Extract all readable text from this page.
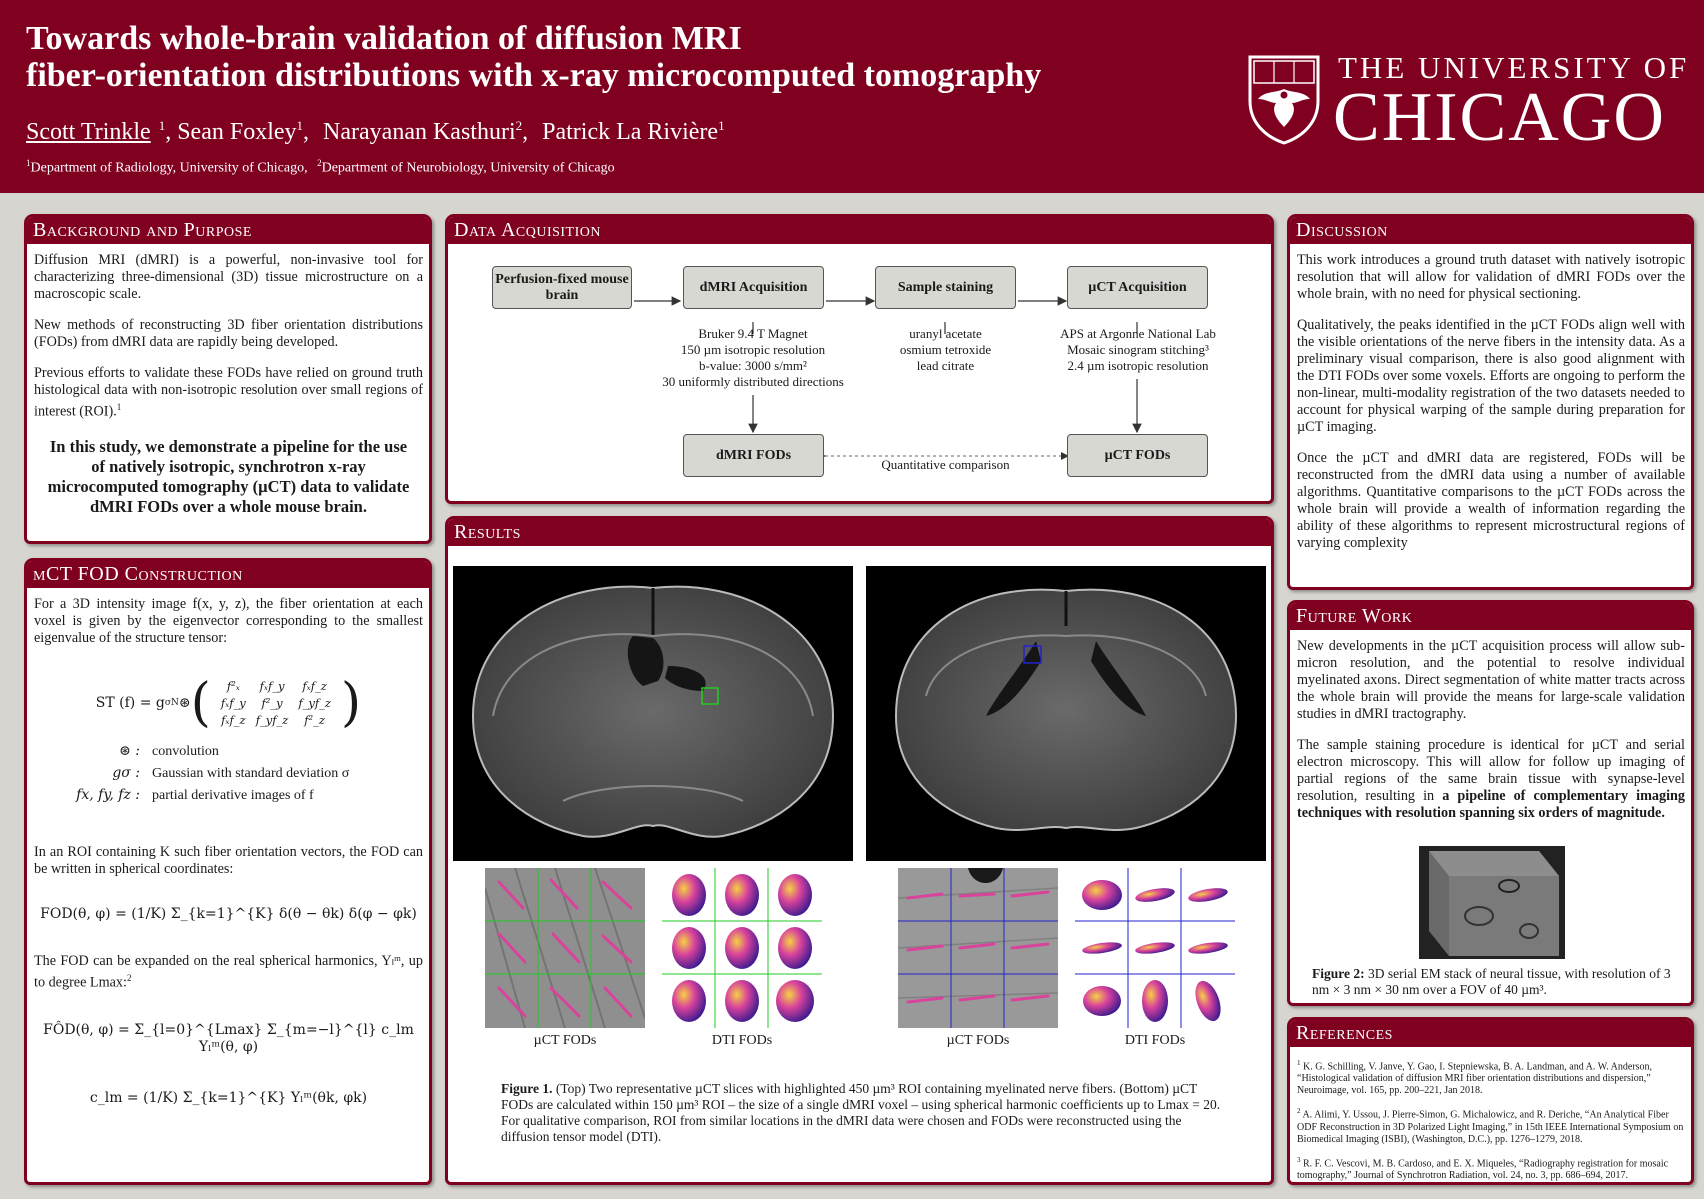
Towards whole-brain validation of diffusion MRI
fiber-orientation distributions with x-ray microcomputed tomography
Scott Trinkle $^1$, Sean Foxley$^1$, Narayanan Kasthuri$^2$, Patrick La Rivière$^1$
$^1$Department of Radiology, University of Chicago, $^2$Department of Neurobiology, University of Chicago
THE UNIVERSITY OF
CHICAGO
Background and Purpose

Diffusion MRI (dMRI) is a powerful, non-invasive tool for characterizing three-dimensional (3D) tissue microstructure on a macroscopic scale.

New methods of reconstructing 3D fiber orientation distributions (FODs) from dMRI data are rapidly being developed.

Previous efforts to validate these FODs have relied on ground truth histological data with non-isotropic resolution over small regions of interest (ROI).$^1$

In this study, we demonstrate a pipeline for the use of natively isotropic, synchrotron x-ray microcomputed tomography (µCT) data to validate dMRI FODs over a whole mouse brain.
µCT FOD Construction

For a 3D intensity image f(x, y, z), the fiber orientation at each voxel is given by the eigenvector corresponding to the smallest eigenvalue of the structure tensor:

ST (f) = g σN ⊛ ( f²ₓ	fₓf_y	fₓf_z
fₓf_y	f²_y	f_yf_z
fₓf_z	f_yf_z	f²_z )
⊛ : convolution
gσ : Gaussian with standard deviation σ
fx, fy, fz : partial derivative images of f

In an ROI containing K such fiber orientation vectors, the FOD can be written in spherical coordinates:

FOD(θ, φ) = (1/K) Σ_{k=1}^{K} δ(θ − θk) δ(φ − φk)

The FOD can be expanded on the real spherical harmonics, Yₗᵐ, up to degree Lmax:$^2$

FÔD(θ, φ) = Σ_{l=0}^{Lmax} Σ_{m=−l}^{l} c_lm Yₗᵐ(θ, φ)
c_lm = (1/K) Σ_{k=1}^{K} Yₗᵐ(θk, φk)
Data Acquisition
Perfusion-fixed mouse brain
dMRI Acquisition	Sample staining	µCT Acquisition
dMRI FODs	µCT FODs
Bruker 9.4 T Magnet
150 µm isotropic resolution
b-value: 3000 s/mm²
30 uniformly distributed directions
uranyl acetate
osmium tetroxide
lead citrate
APS at Argonne National Lab
Mosaic sinogram stitching³
2.4 µm isotropic resolution
Quantitative comparison
Results
µCT FODs	DTI FODs	µCT FODs	DTI FODs
Figure 1. (Top) Two representative µCT slices with highlighted 450 µm³ ROI containing myelinated nerve fibers. (Bottom) µCT FODs are calculated within 150 µm³ ROI – the size of a single dMRI voxel – using spherical harmonic coefficients up to Lmax = 20. For qualitative comparison, ROI from similar locations in the dMRI data were chosen and FODs were reconstructed using the diffusion tensor model (DTI).
Discussion

This work introduces a ground truth dataset with natively isotropic resolution that will allow for validation of dMRI FODs over the whole brain, with no need for physical sectioning.

Qualitatively, the peaks identified in the µCT FODs align well with the visible orientations of the nerve fibers in the intensity data. As a preliminary visual comparison, there is also good alignment with the DTI FODs over some voxels. Efforts are ongoing to perform the non-linear, multi-modality registration of the two datasets needed to account for physical warping of the sample during preparation for µCT imaging.

Once the µCT and dMRI data are registered, FODs will be reconstructed from the dMRI data using a number of available algorithms. Quantitative comparisons to the µCT FODs across the whole brain will provide a wealth of information regarding the ability of these algorithms to represent microstructural regions of varying complexity

Future Work

New developments in the µCT acquisition process will allow sub-micron resolution, and the potential to resolve individual myelinated axons. Direct segmentation of white matter tracts across the whole brain will provide the means for large-scale validation studies in dMRI tractography.

The sample staining procedure is identical for µCT and serial electron microscopy. This will allow for follow up imaging of partial regions of the same brain tissue with synapse-level resolution, resulting in a pipeline of complementary imaging techniques with resolution spanning six orders of magnitude.

Figure 2: 3D serial EM stack of neural tissue, with resolution of 3 nm × 3 nm × 30 nm over a FOV of 40 µm³.
References
$^1$ K. G. Schilling, V. Janve, Y. Gao, I. Stepniewska, B. A. Landman, and A. W. Anderson, “Histological validation of diffusion MRI fiber orientation distributions and dispersion,” Neuroimage, vol. 165, pp. 200–221, Jan 2018.
$^2$ A. Alimi, Y. Ussou, J. Pierre-Simon, G. Michalowicz, and R. Deriche, “An Analytical Fiber ODF Reconstruction in 3D Polarized Light Imaging,” in 15th IEEE International Symposium on Biomedical Imaging (ISBI), (Washington, D.C.), pp. 1276–1279, 2018.
$^3$ R. F. C. Vescovi, M. B. Cardoso, and E. X. Miqueles, “Radiography registration for mosaic tomography,” Journal of Synchrotron Radiation, vol. 24, no. 3, pp. 686–694, 2017.
